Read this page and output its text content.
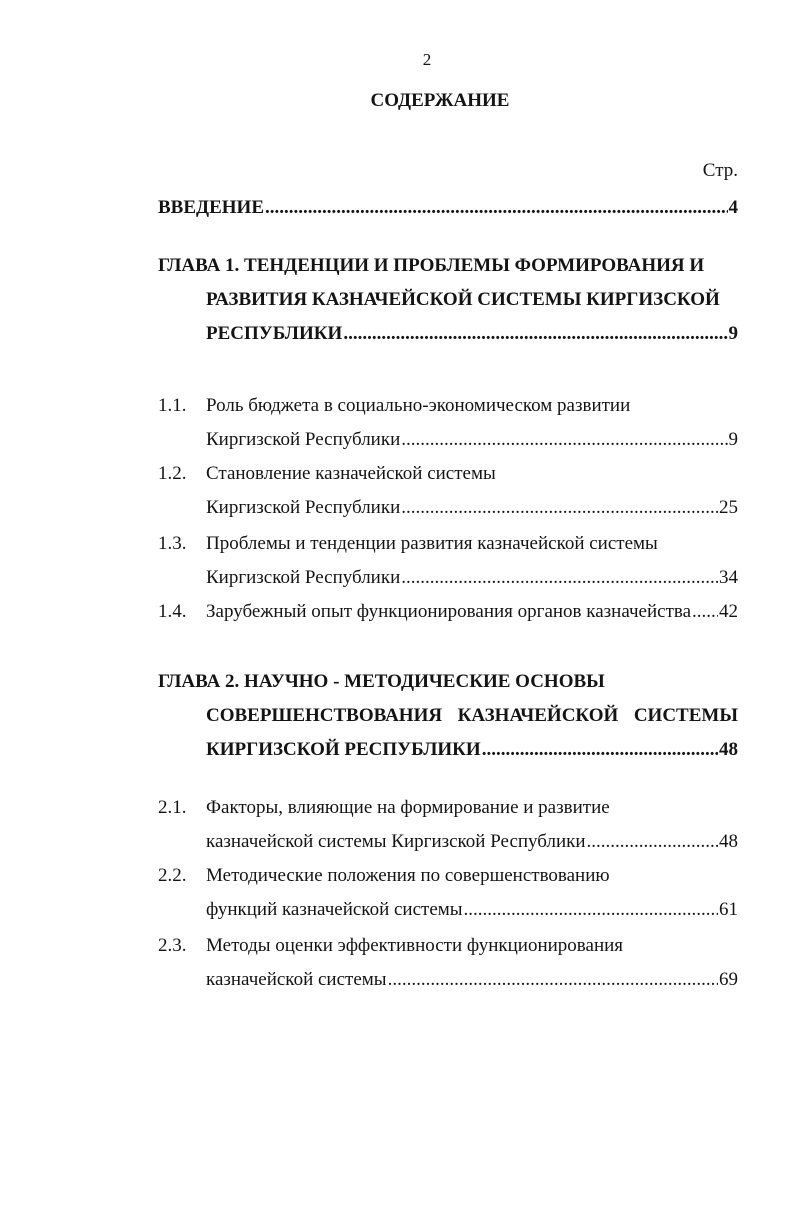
2
СОДЕРЖАНИЕ
Стр.
ВВЕДЕНИЕ .....	4
ГЛАВА 1. ТЕНДЕНЦИИ И ПРОБЛЕМЫ ФОРМИРОВАНИЯ И
РАЗВИТИЯ КАЗНАЧЕЙСКОЙ СИСТЕМЫ КИРГИЗСКОЙ
РЕСПУБЛИКИ .....	9
1.1. Роль бюджета в социально-экономическом развитии
Киргизской Республики .....	9
1.2. Становление казначейской системы
Киргизской Республики .....	25
1.3. Проблемы и тенденции развития казначейской системы
Киргизской Республики .....	34
1.4. Зарубежный опыт функционирования органов казначейства ..... 42
ГЛАВА 2. НАУЧНО - МЕТОДИЧЕСКИЕ ОСНОВЫ
СОВЕРШЕНСТВОВАНИЯ КАЗНАЧЕЙСКОЙ СИСТЕМЫ
КИРГИЗСКОЙ РЕСПУБЛИКИ .....	48
2.1. Факторы, влияющие на формирование и развитие
казначейской системы Киргизской Республики .....	48
2.2. Методические положения по совершенствованию
функций казначейской системы .....	61
2.3. Методы оценки эффективности функционирования
казначейской системы .....	69
